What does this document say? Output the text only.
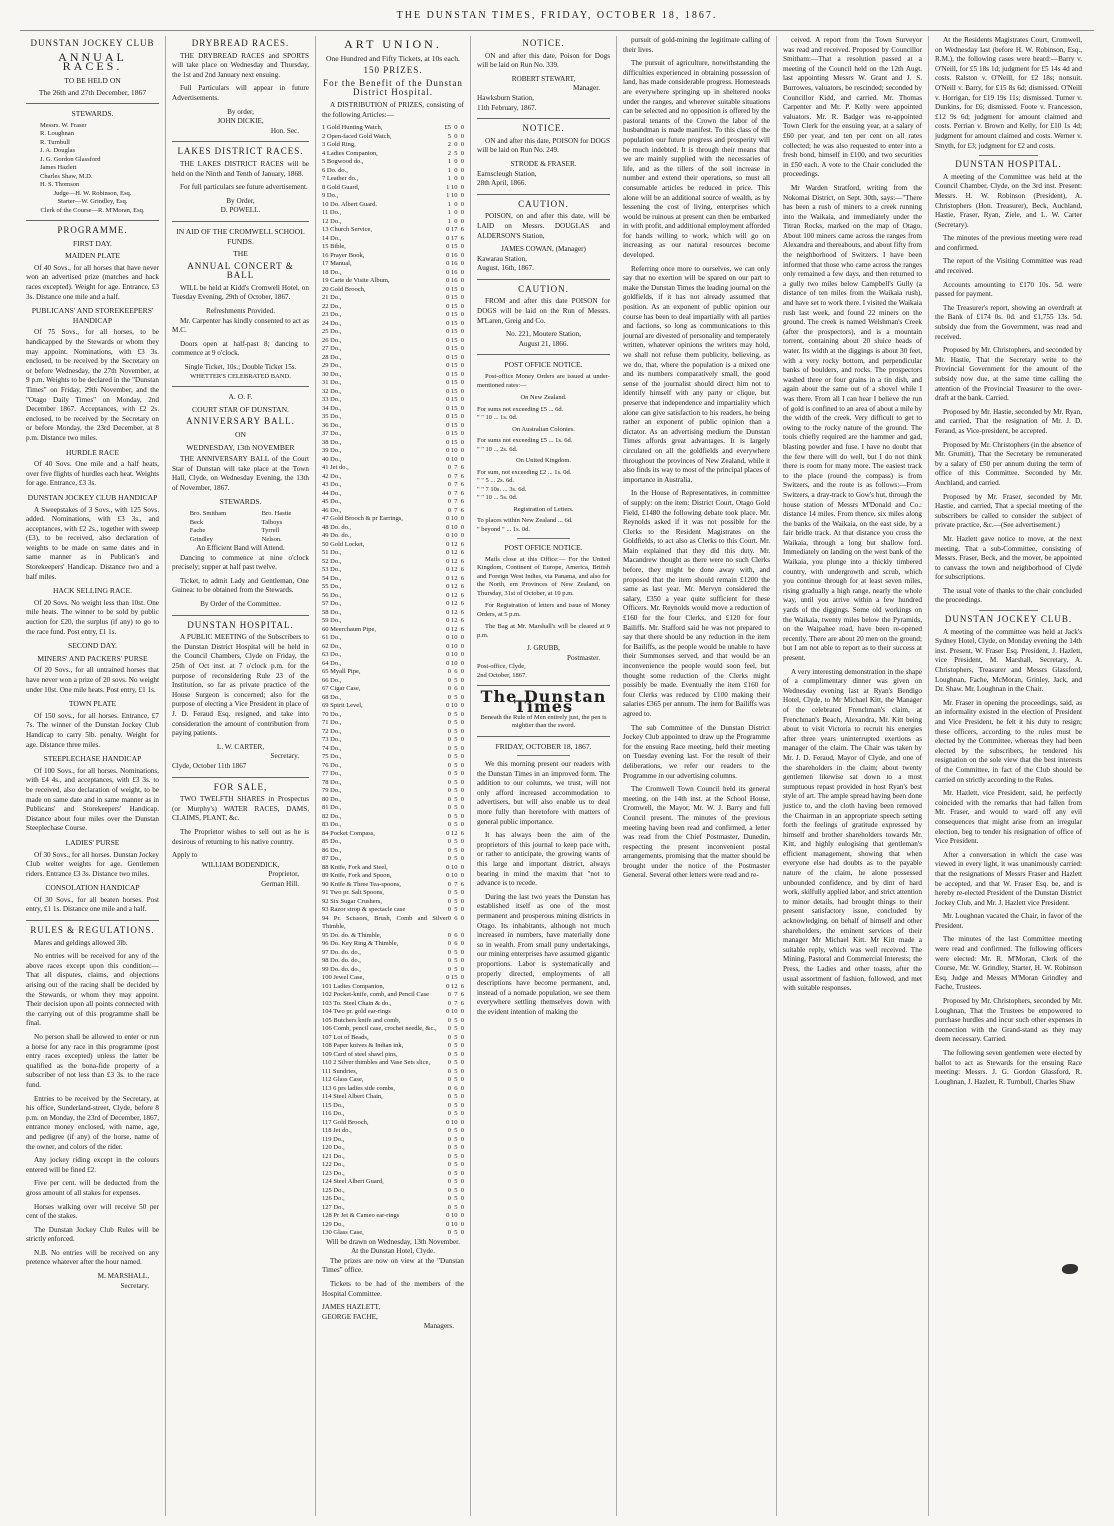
THE DUNSTAN TIMES, FRIDAY, OCTOBER 18, 1867.
DUNSTAN JOCKEY CLUB
ANNUAL RACES.
TO BE HELD ON
The 26th and 27th December, 1867
STEWARDS.
Messrs. W. Fraser
R. Loughnan
R. Turnbull
J. A. Douglas
J. G. Gordon Glassford
James Hazlett
Charles Shaw, M.D.
H. S. Thomson
Judge—H. W. Robinson, Esq.
Starter—W. Grindley, Esq.
Clerk of the Course—R. M'Moran, Esq.
PROGRAMME.
FIRST DAY.
MAIDEN PLATE

Of 40 Sovs., for all horses that have never won an advertised prize (matches and hack races excepted). Weight for age. Entrance, £3 3s. Distance one mile and a half.

PUBLICANS' AND STOREKEEPERS' HANDICAP

Of 75 Sovs., for all horses, to be handicapped by the Stewards or whom they may appoint. Nominations, with £3 3s. enclosed, to be received by the Secretary on or before Wednesday, the 27th November, at 9 p.m. Weights to be declared in the "Dunstan Times" on Friday, 29th November, and the "Otago Daily Times" on Monday, 2nd December 1867. Acceptances, with £2 2s. enclosed, to be received by the Secretary on or before Monday, the 23rd December, at 8 p.m. Distance two miles.

HURDLE RACE

Of 40 Sovs. One mile and a half heats, over five flights of hurdles each heat. Weights for age. Entrance, £3 3s.

DUNSTAN JOCKEY CLUB HANDICAP

A Sweepstakes of 3 Sovs., with 125 Sovs. added. Nominations, with £3 3s., and acceptances, with £2 2s., together with sweep (£3), to be received, also declaration of weights to be made on same dates and in same manner as in Publican's and Storekeepers' Handicap. Distance two and a half miles.

HACK SELLING RACE.

Of 20 Sovs. No weight less than 10st. One mile heats. The winner to be sold by public auction for £20, the surplus (if any) to go to the race fund. Post entry, £1 1s.

SECOND DAY.
MINERS' AND PACKERS' PURSE

Of 20 Sovs., for all untrained horses that have never won a prize of 20 sovs. No weight under 10st. One mile heats. Post entry, £1 1s.

TOWN PLATE

Of 150 sovs., for all horses. Entrance, £7 7s. The winner of the Dunstan Jockey Club Handicap to carry 5lb. penalty. Weight for age. Distance three miles.

STEEPLECHASE HANDICAP

Of 100 Sovs., for all horses. Nominations, with £4 4s., and acceptances, with £3 3s. to be received, also declaration of weight, to be made on same date and in same manner as in Publicans' and Storekeepers' Handicap. Distance about four miles over the Dunstan Steeplechase Course.

LADIES' PURSE

Of 30 Sovs., for all horses. Dunstan Jockey Club welter weights for age. Gentlemen riders. Entrance £3 3s. Distance two miles.

CONSOLATION HANDICAP

Of 30 Sovs., for all beaten horses. Post entry, £1 1s. Distance one mile and a half.

RULES & REGULATIONS.

Mares and geldings allowed 3lb.

No entries will be received for any of the above races except upon this condition:—That all disputes, claims, and objections arising out of the racing shall be decided by the Stewards, or whom they may appoint. Their decision upon all points connected with the carrying out of this programme shall be final.

No person shall be allowed to enter or run a horse for any race in this programme (post entry races excepted) unless the latter be qualified as the bona-fide property of a subscriber of not less than £3 3s. to the race fund.

Entries to be received by the Secretary, at his office, Sunderland-street, Clyde, before 8 p.m. on Monday, the 23rd of December, 1867, entrance money enclosed, with name, age, and pedigree (if any) of the horse, name of the owner, and colors of the rider.

Any jockey riding except in the colours entered will be fined £2.

Five per cent. will be deducted from the gross amount of all stakes for expenses.

Horses walking over will receive 50 per cent of the stakes.

The Dunstan Jockey Club Rules will be strictly enforced.

N.B. No entries will be received on any pretence whatever after the hour named.

M. MARSHALL,
Secretary.
DRYBREAD RACES.

THE DRYBREAD RACES and SPORTS will take place on Wednesday and Thursday, the 1st and 2nd January next ensuing.

Full Particulars will appear in future Advertisements.

By order,
JOHN DICKIE,
Hon. Sec.
LAKES DISTRICT RACES.

THE LAKES DISTRICT RACES will be held on the Ninth and Tenth of January, 1868.

For full particulars see future advertisement.

By Order,
D. POWELL.
IN AID OF THE CROMWELL SCHOOL FUNDS.
THE
ANNUAL CONCERT & BALL

WILL be held at Kidd's Cromwell Hotel, on Tuesday Evening, 29th of October, 1867.

Refreshments Provided.

Mr. Carpenter has kindly consented to act as M.C.

Doors open at half-past 8; dancing to commence at 9 o'clock.

Single Ticket, 10s.; Double Ticket 15s.
WHETTER'S CELEBRATED BAND.
A. O. F.
COURT STAR OF DUNSTAN.
ANNIVERSARY BALL.
ON
WEDNESDAY, 13th NOVEMBER

THE ANNIVERSARY BALL of the Court Star of Dunstan will take place at the Town Hall, Clyde, on Wednesday Evening, the 13th of November, 1867.

STEWARDS.
Bro. Smitham
Beck
Fache
Grindley
Bro. Hastie
Talboys
Tyrrell
Nelson.
An Efficient Band will Attend.

Dancing to commence at nine o'clock precisely; supper at half past twelve.

Ticket, to admit Lady and Gentleman, One Guinea: to be obtained from the Stewards.

By Order of the Committee.
DUNSTAN HOSPITAL.

A PUBLIC MEETING of the Subscribers to the Dunstan District Hospital will be held in the Council Chambers, Clyde on Friday, the 25th of Oct inst. at 7 o'clock p.m. for the purpose of reconsidering Rule 23 of the Institution, so far as private practice of the House Surgeon is concerned; also for the purpose of electing a Vice President in place of J. D. Feraud Esq. resigned, and take into consideration the amount of contribution from paying patients.

L. W. CARTER,
Secretary.
Clyde, October 11th 1867
FOR SALE,

TWO TWELFTH SHARES in Prospectus (or Murphy's) WATER RACES, DAMS, CLAIMS, PLANT, &c.

The Proprietor wishes to sell out as he is desirous of returning to his native country.

Apply to
WILLIAM BODENDICK,
Proprietor,
German Hill.
ART UNION.
One Hundred and Fifty Tickets, at 10s each.
150 PRIZES.
For the Benefit of the Dunstan District Hospital.

A DISTRIBUTION of PRIZES, consisting of the following Articles:—

1 Gold Hunting Watch,	£5  0  0
2 Open-faced Gold Watch,	5  0  0
3 Gold Ring,	2  0  0
4 Ladies Companion,	2  5  0
5 Bogwood do.,	1  0  0
6 Do. do.,	1  0  0
7 Leather do.,	1  0  0
8 Gold Guard,	1 10  0
9 Do.,	1 10  0
10 Do. Albert Guard.	1  0  0
11 Do.,	1  0  0
12 Do.,	1  0  0
13 Church Service,	0 17  6
14 Do.,	0 17  6
15 Bible,	0 15  0
16 Prayer Book,	0 16  0
17 Manual,	0 16  0
18 Do.,	0 16  0
19 Carte de Visite Album,	0 16  0
20 Gold Brooch,	0 15  0
21 Do.,	0 15  0
22 Do.,	0 15  0
23 Do.,	0 15  0
24 Do.,	0 15  0
25 Do.,	0 15  0
26 Do.,	0 15  0
27 Do.,	0 15  0
28 Do.,	0 15  0
29 Do.,	0 15  0
30 Do.,	0 15  0
31 Do.,	0 15  0
32 Do.,	0 15  0
33 Do.,	0 15  0
34 Do.,	0 15  0
35 Do.,	0 15  0
36 Do.,	0 15  0
37 Do.,	0 15  0
38 Do.,	0 15  0
39 Do.,	0 10  0
40 Do.,	0 10  0
41 Jet do.,	0  7  6
42 Do.,	0  7  6
43 Do.,	0  7  6
44 Do.,	0  7  6
45 Do.,	0  7  6
46 Do.,	0  7  6
47 Gold Brooch & pr Earrings,	0 10  0
48 Do. do.,	0 10  0
49 Do. do.,	0 10  0
50 Gold Locket,	0 12  6
51 Do.,	0 12  6
52 Do.,	0 12  6
53 Do.,	0 12  6
54 Do.,	0 12  6
55 Do.,	0 12  6
56 Do.,	0 12  6
57 Do.,	0 12  6
58 Do.,	0 12  6
59 Do.,	0 12  6
60 Meerchaum Pipe,	0 12  6
61 Do.,	0 10  0
62 Do.,	0 10  0
63 Do.,	0 10  0
64 Do.,	0 10  0
65 Myall Pipe,	0  6  0
66 Do.,	0  5  0
67 Cigar Case,	0  6  0
68 Do.,	0  5  0
69 Spirit Level,	0 10  0
70 Do.,	0  5  0
71 Do.,	0  5  0
72 Do.,	0  5  0
73 Do.,	0  5  0
74 Do.,	0  5  0
75 Do.,	0  5  0
76 Do.,	0  5  0
77 Do.,	0  5  0
78 Do.,	0  5  0
79 Do.,	0  5  0
80 Do.,	0  5  0
81 Do.,	0  5  0
82 Do.,	0  5  0
83 Do.,	0  5  0
84 Pocket Compass,	0 12  6
85 Do.,	0  5  0
86 Do.,	0  5  0
87 Do.,	0  5  0
88 Knife, Fork and Steel,	0 10  0
89 Knife, Fork and Spoon,	0 10  0
90 Knife & Three Tea-spoons,	0  7  6
91 Two pr. Salt Spoons,	0  5  0
92 Six Sugar Crushers,	0  5  0
93 Razor strop & spectacle case	0  5  0
94 Pr. Scissors, Brush, Comb and Silver Thimble,
0  6  0
95 Do. do. & Thimble,	0  6  0
96 Do. Key Ring & Thimble,	0  6  0
97 Do. do. do.,	0  5  0
98 Do. do. do.,	0  5  0
99 Do. do. do.,	0  5  0
100 Jewel Case,	0 15  0
101 Ladies Companion,	0 12  6
102 Pocket-knife, comb, and Pencil Case	0  7  6
103 To. Steel Chain & do.,	0  7  6
104 Two pr. gold ear-rings	0 10  0
105 Butchers knife and comb,	0  5  0
106 Comb, pencil case, crochet needle, &c., 0  5  0
107 Lot of Beads,	0  5  0
108 Paper knives & Indian ink,	0  5  0
109 Card of steel shawl pins,	0  5  0
110 2 Silver thimbles and Vase Sets slice,	0  5  0
111 Sundries,	0  5  0
112 Glass Case,	0  5  0
113 6 prs ladies side combs,	0  6  0
114 Steel Albert Chain,	0  5  0
115 Do.,	0  5  0
116 Do.,	0  5  0
117 Gold Brooch,	0 10  0
118 Jet do.,	0  5  0
119 Do.,	0  5  0
120 Do.,	0  5  0
121 Do.,	0  5  0
122 Do.,	0  5  0
123 Do.,	0  5  0
124 Steel Albert Guard,	0  5  0
125 Do.,	0  5  0
126 Do.,	0  5  0
127 Do.,	0  5  0
128 Pr Jet & Cameo ear-rings	0 10  0
129 Do.,	0 10  0
130 Glass Case,	0  5  0
Will be drawn on Wednesday, 13th November.
At the Dunstan Hotel, Clyde.

The prizes are now on view at the "Dunstan Times" office.

Tickets to be had of the members of the Hospital Committee.

JAMES HAZLETT,
GEORGE FACHE,
Managers.
NOTICE.

ON and after this date, Poison for Dogs will be laid on Run No. 339.

ROBERT STEWART,
Manager.
Hawksburn Station,
11th February, 1867.
NOTICE.

ON and after this date, POISON for DOGS will be laid on Run No. 249.

STRODE & FRASER.
Earnscleugh Station,
28th April, 1866.
CAUTION.

POISON, on and after this date, will be LAID on Messrs. DOUGLAS and ALDERSON'S Station,

JAMES COWAN, (Manager)
Kawarau Station,
August, 16th, 1867.
CAUTION.

FROM and after this date POISON for DOGS will be laid on the Run of Messrs. M'Laren, Greig and Co.

No. 221, Moutere Station,
August 21, 1866.
POST OFFICE NOTICE.

Post-office Money Orders are issued at under-mentioned rates:—

On New Zealand.
For sums not exceeding £5 ... 6d.
" " 10 ... 1s. 0d.
On Australian Colonies.
For sums not exceeding £5 ... 1s. 6d.
" " 10 ... 2s. 6d.
On United Kingdom.
For sum, not exceeding £2 ... 1s. 0d.
" " 5 ... 2s. 6d.
" " 7 10s. ... 3s. 6d.
" " 10 ... 5s. 0d.
Registration of Letters.
To places within New Zealand ... 6d.
" beyond " ... 1s. 0d.
POST OFFICE NOTICE.

Mails close at this Office:— For the United Kingdom, Continent of Europe, America, British and Foreign West Indies, via Panama, and also for the North, ern Provinces of New Zealand, on Thursday, 31st of October, at 10 p.m.

For Registration of letters and issue of Money Orders, at 5 p.m.

The Bag at Mr. Marshall's will be cleared at 9 p.m.

J. GRUBB,
Postmaster.
Post-office, Clyde,
2nd October, 1867.
The Dunstan Times
Beneath the Rule of Men entirely just, the pen is mightier than the sword.
FRIDAY, OCTOBER 18, 1867.

We this morning present our readers with the Dunstan Times in an improved form. The addition to our columns, we trust, will not only afford increased accommodation to advertisers, but will also enable us to deal more fully than heretofore with matters of general public importance.

It has always been the aim of the proprietors of this journal to keep pace with, or rather to anticipate, the growing wants of this large and important district, always bearing in mind the maxim that "not to advance is to recede.

During the last two years the Dunstan has established itself as one of the most permanent and prosperous mining districts in Otago. Its inhabitants, although not much increased in numbers, have materially done so in wealth. From small puny undertakings, our mining enterprises have assumed gigantic proportions. Labor is systematically and properly directed, employments of all descriptions have become permanent, and, instead of a nomade population, we see them everywhere settling themselves down with the evident intention of making the

pursuit of gold-mining the legitimate calling of their lives.

The pursuit of agriculture, notwithstanding the difficulties experienced in obtaining possession of land, has made considerable progress. Homesteads are everywhere springing up in sheltered nooks under the ranges, and wherever suitable situations can be selected and no opposition is offered by the pastoral tenants of the Crown the labor of the husbandman is made manifest. To this class of the population our future progress and prosperity will be much indebted. It is through their means that we are mainly supplied with the necessaries of life, and as the tillers of the soil increase in number and extend their operations, so must all consumable articles be reduced in price. This alone will be an additional source of wealth, as by lessening the cost of living, enterprises which would be ruinous at present can then be embarked in with profit, and additional employment afforded for hands willing to work, which will go on increasing as our natural resources become developed.

Referring once more to ourselves, we can only say that no exertion will be spared on our part to make the Dunstan Times the leading journal on the goldfields, if it has not already assumed that position. As an exponent of public opinion our course has been to deal impartially with all parties and factions, so long as communications to this journal are divested of personality and temperately written, whatever opinions the writers may hold, we shall not refuse them publicity, believing, as we do, that, where the population is a mixed one and its numbers comparatively small, the good sense of the journalist should direct him not to identify himself with any party or clique, but preserve that independence and impartiality which alone can give satisfaction to his readers, he being rather an exponent of public opinion than a dictator. As an advertising medium the Dunstan Times affords great advantages. It is largely circulated on all the goldfields and everywhere throughout the provinces of New Zealand, while it also finds its way to most of the principal places of importance in Australia.

In the House of Representatives, in committee of supply: on the item: District Court, Otago Gold Field, £1480 the following debate took place. Mr. Reynolds asked if it was not possible for the Clerks to the Resident Magistrates on the Goldfields, to act also as Clerks to this Court. Mr. Main explained that they did this duty. Mr. Macandrew thought as there were no such Clerks before, they might be done away with, and proposed that the item should remain £1200 the same as last year. Mr. Mervyn considered the salary, £350 a year quite sufficient for these Officers. Mr. Reynolds would move a reduction of £160 for the four Clerks, and £120 for four Bailiffs. Mr. Stafford said he was not prepared to say that there should be any reduction in the item for Bailiffs, as the people would be unable to have their Summonses served, and that would be an inconvenience the people would soon feel, but thought some reduction of the Clerks might possibly be made. Eventually the item £160 for four Clerks was reduced by £100 making their salaries £365 per annum. The item for Bailiffs was agreed to.

The sub Committee of the Dunstan District Jockey Club appointed to draw up the Programme for the ensuing Race meeting, held their meeting on Tuesday evening last. For the result of their deliberations, we refer our readers to the Programme in our advertising columns.

The Cromwell Town Council held its general meeting, on the 14th inst. at the School House, Cromwell, the Mayor, Mr. W. J. Barry and full Council present. The minutes of the previous meeting having been read and confirmed, a letter was read from the Chief Postmaster, Dunedin, respecting the present inconvenient postal arrangements, promising that the matter should be brought under the notice of the Postmaster General. Several other letters were read and re-

ceived. A report from the Town Surveyor was read and received. Proposed by Councillor Smitham:—That a resolution passed at a meeting of the Council held on the 12th Augt. last appointing Messrs W. Grant and J. S. Burrowes, valuators, be rescinded; seconded by Councillor Kidd, and carried. Mr. Thomas Carpenter and Mr. P. Kelly were appointed valuators. Mr. R. Badger was re-appointed Town Clerk for the ensuing year, at a salary of £60 per year, and ten per cent on all rates collected; he was also requested to enter into a fresh bond, himself in £100, and two securities in £50 each. A vote to the Chair concluded the proceedings.

Mr Warden Stratford, writing from the Nokomai District, on Sept. 30th, says:—"There has been a rush of miners to a creek running into the Waikaia, and immediately under the Titran Rocks, marked on the map of Otago. About 100 miners came across the ranges from Alexandra and thereabouts, and about fifty from the neighborhood of Switzers. I have been informed that those who came across the ranges only remained a few days, and then returned to a gully two miles below Campbell's Gully (a distance of ten miles from the Waikaia rush), and have set to work there. I visited the Waikaia rush last week, and found 22 miners on the ground. The creek is named Welshman's Creek (after the prospectors), and is a mountain torrent, containing about 20 sluice heads of water. Its width at the diggings is about 30 feet, with a very rocky bottom, and perpendicular banks of boulders, and rocks. The prospectors washed three or four grains in a tin dish, and again about the same out of a shovel while I was there. From all I can hear I believe the run of gold is confined to an area of about a mile by the width of the creek. Very difficult to get to owing to the rocky nature of the ground. The tools chiefly required are the hammer and gad, blasting powder and fuse. I have no doubt that the few there will do well, but I do not think there is room for many more. The easiest track to the place (round the compass) is from Switzers, and the route is as follows:—From Switzers, a dray-track to Gow's hut, through the house station of Messrs M'Donald and Co.: distance 14 miles. From thence, six miles along the banks of the Waikaia, on the east side, by a fair bridle track. At that distance you cross the Waikaia, through a long but shallow ford. Immediately on landing on the west bank of the Waikaia, you plunge into a thickly timbered country, with undergrowth and scrub, which you continue through for at least seven miles, rising gradually a high range, nearly the whole way, until you arrive within a few hundred yards of the diggings. Some old workings on the Waikaia, twenty miles below the Pyramids, on the Waipahee road, have been re-opened recently. There are about 20 men on the ground; but I am not able to report as to their success at present.

A very interesting demonstration in the shape of a complimentary dinner was given on Wednesday evening last at Ryan's Bendigo Hotel, Clyde, to Mr Michael Kitt, the Manager of the celebrated Frenchman's claim, at Frenchman's Beach, Alexandra, Mr. Kitt being about to visit Victoria to recruit his energies after three years uninterrupted exertions as manager of the claim. The Chair was taken by Mr. J. D. Feraud, Mayor of Clyde, and one of the shareholders in the claim; about twenty gentlemen likewise sat down to a most sumptuous repast provided in host Ryan's best style of art. The ample spread having been done justice to, and the cloth having been removed the Chairman in an appropriate speech setting forth the feelings of gratitude expressed by himself and brother shareholders towards Mr. Kitt, and highly eulogising that gentleman's efficient management, showing that when everyone else had doubts as to the payable nature of the claim, he alone possessed unbounded confidence, and by dint of hard work, skilfully applied labor, and strict attention to minor details, had brought things to their present satisfactory issue, concluded by acknowledging, on behalf of himself and other shareholders, the eminent services of their manager Mr Michael Kitt. Mr Kitt made a suitable reply, which was well received. The Mining, Pastoral and Commercial Interests; the Press, the Ladies and other toasts, after the usual assortment of fashion, followed, and met with suitable responses.

At the Residents Magistrates Court, Cromwell, on Wednesday last (before H. W. Robinson, Esq., R.M.), the following cases were heard:—Barry v. O'Neill, for £5 18s 1d; judgment for £5 14s 4d and costs. Ralston v. O'Neill, for £2 18s; nonsuit. O'Neill v. Barry, for £15 8s 6d; dismissed. O'Neill v. Horrigan, for £19 19s 11s; dismissed. Turner v. Dunkins, for £6; dismissed. Foote v. Francesson, £12 9s 6d; judgment for amount claimed and costs. Perrian v. Brown and Kelly, for £10 1s 4d; judgment for amount claimed and costs. Werner v. Smyth, for £3; judgment for £2 and costs.

DUNSTAN HOSPITAL.

A meeting of the Committee was held at the Council Chamber, Clyde, on the 3rd inst. Present: Messrs. H. W. Robinson (President), A. Christophers (Hon. Treasurer), Beck, Auchland, Hastie, Fraser, Ryan, Ziele, and L. W. Carter (Secretary).

The minutes of the previous meeting were read and confirmed.

The report of the Visiting Committee was read and received.

Accounts amounting to £170 10s. 5d. were passed for payment.

The Treasurer's report, showing an overdraft at the Bank of £174 0s. 0d. and £1,755 13s. 5d. subsidy due from the Government, was read and received.

Proposed by Mr. Christophers, and seconded by Mr. Hastie, That the Secretary write to the Provincial Government for the amount of the subsidy now due, at the same time calling the attention of the Provincial Treasurer to the over-draft at the bank. Carried.

Proposed by Mr. Hastie, seconded by Mr. Ryan, and carried, That the resignation of Mr. J. D. Feraud, as Vice-president, be accepted.

Proposed by Mr. Christophers (in the absence of Mr. Grumitt), That the Secretary be remunerated by a salary of £50 per annum during the term of office of this Committee. Seconded by Mr. Auchland, and carried.

Proposed by Mr. Fraser, seconded by Mr. Hastie, and carried, That a special meeting of the subscribers be called to consider the subject of private practice, &c.—(See advertisement.)

Mr. Hazlett gave notice to move, at the next meeting, That a sub-Committee, consisting of Messrs. Fraser, Beck, and the mover, be appointed to canvass the town and neighborhood of Clyde for subscriptions.

The usual vote of thanks to the chair concluded the proceedings.

DUNSTAN JOCKEY CLUB.

A meeting of the committee was held at Jack's Sydney Hotel, Clyde, on Monday evening the 14th inst. Present, W. Fraser Esq. President, J. Hazlett, vice President, M. Marshall, Secretary, A. Christophers, Treasurer and Messrs Glassford, Loughnan, Fache, McMoran, Grinley, Jack, and Dr. Shaw. Mr. Loughnan in the Chair.

Mr. Fraser in opening the proceedings, said, as an informality existed in the election of President and Vice President, he felt it his duty to resign; these officers, according to the rules must be elected by the Committee, whereas they had been elected by the subscribers, he tendered his resignation on the sole view that the best interests of the Committee, in fact of the Club should be carried on strictly according to the Rules.

Mr. Hazlett, vice President, said, he perfectly coincided with the remarks that had fallen from Mr. Fraser, and would to ward off any evil consequences that might arise from an irregular election, beg to tender his resignation of office of Vice President.

After a conversation in which the case was viewed in every light, it was unanimously carried: that the resignations of Messrs Fraser and Hazlett be accepted, and that W. Fraser Esq. be, and is hereby re-elected President of the Dunstan District Jockey Club, and Mr. J. Hazlett vice President.

Mr. Loughnan vacated the Chair, in favor of the President.

The minutes of the last Committee meeting were read and confirmed. The following officers were elected: Mr. R. M'Moran, Clerk of the Course, Mr. W. Grindley, Starter, H. W. Robinson Esq. Judge and Messrs M'Moran Grindley and Fache, Trustees.

Proposed by Mr. Christophers, seconded by Mr. Loughnan, That the Trustees be empowered to purchase hurdles and incur such other expenses in connection with the Grand-stand as they may deem necessary. Carried.

The following seven gentlemen were elected by ballot to act as Stewards for the ensuing Race meeting: Messrs. J. G. Gordon Glassford, R. Loughnan, J. Hazlett, R. Turnbull, Charles Shaw
